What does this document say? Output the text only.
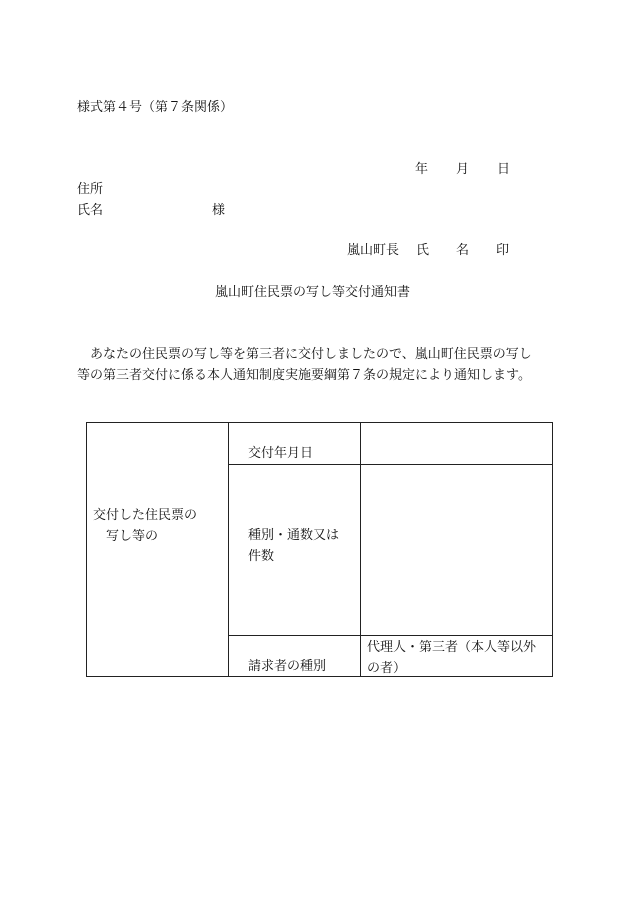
様式第４号（第７条関係）
年 月 日
住所
氏名	様
嵐山町長 氏 名 印
嵐山町住民票の写し等交付通知書
あなたの住民票の写し等を第三者に交付しましたので、嵐山町住民票の写し
等の第三者交付に係る本人通知制度実施要綱第７条の規定により通知します。
交付した住民票の
写し等の
交付年月日
種別・通数又は
件数
請求者の種別
代理人・第三者（本人等以外
の者）
